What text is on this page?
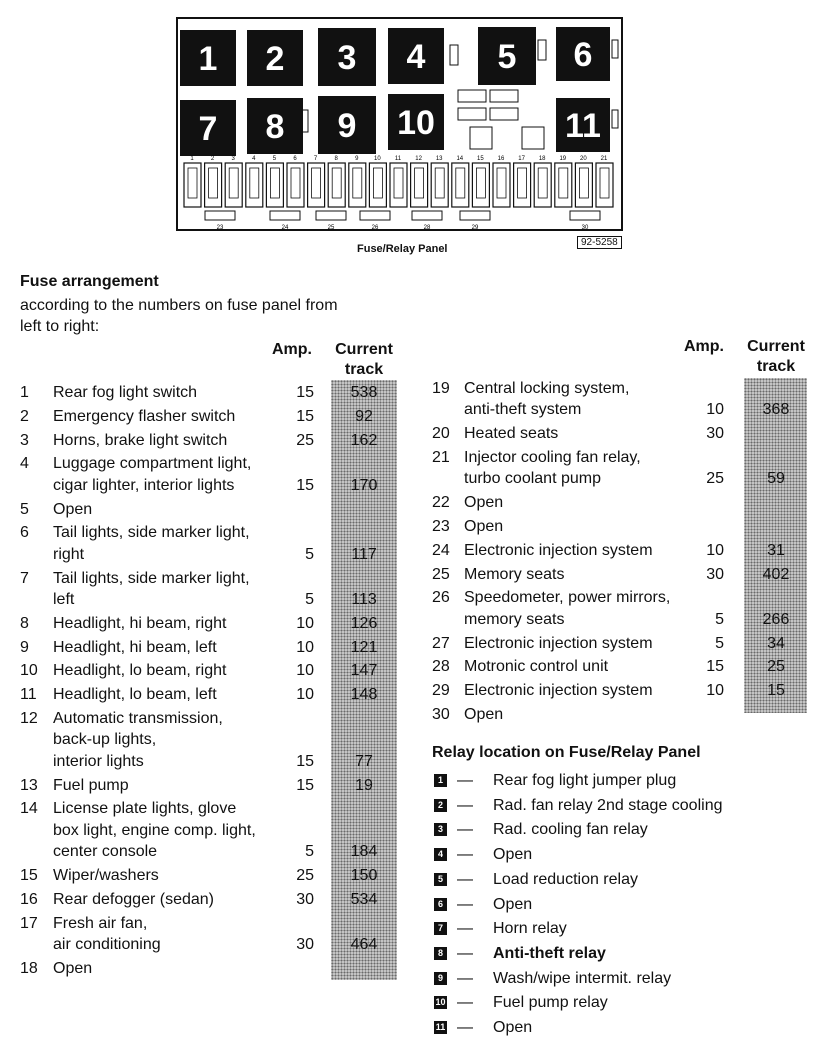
1 2 3 4 5 6
7 8 9 10	11
1	2	3	4	5	6	7	8	9	10 11 12 13 14 15 16 17 18 19 20 21
23	24	25	26	28	29	30
Fuse/Relay Panel
92-5258
Fuse arrangement
according to the numbers on fuse panel from
left to right:
Amp.	Current
track
Amp.	Current
track
1 Rear fog light switch	15	538
2 Emergency flasher switch	15	92
3 Horns, brake light switch	25	162
4 Luggage compartment light,
cigar lighter, interior lights	15	170
5 Open
6 Tail lights, side marker light,
right	5	117
7 Tail lights, side marker light,
left	5	113
8 Headlight, hi beam, right	10	126
9 Headlight, hi beam, left	10	121
10 Headlight, lo beam, right	10	147
11 Headlight, lo beam, left	10	148
12 Automatic transmission,
back-up lights,
interior lights	15	77
13 Fuel pump	15	19
14 License plate lights, glove
box light, engine comp. light,
center console	5	184
15 Wiper/washers	25	150
16 Rear defogger (sedan)	30	534
17 Fresh air fan,
air conditioning	30	464
18 Open
19 Central locking system,
anti-theft system	10	368
20 Heated seats	30
21 Injector cooling fan relay,
turbo coolant pump	25	59
22 Open
23 Open
24 Electronic injection system	10	31
25 Memory seats	30	402
26 Speedometer, power mirrors,
memory seats	5	266
27 Electronic injection system	5	34
28 Motronic control unit	15	25
29 Electronic injection system	10	15
30 Open
Relay location on Fuse/Relay Panel
1 — Rear fog light jumper plug
2 — Rad. fan relay 2nd stage cooling
3 — Rad. cooling fan relay
4 — Open
5 — Load reduction relay
6 — Open
7 — Horn relay
8 — Anti-theft relay
9 — Wash/wipe intermit. relay
10 — Fuel pump relay
11 — Open
